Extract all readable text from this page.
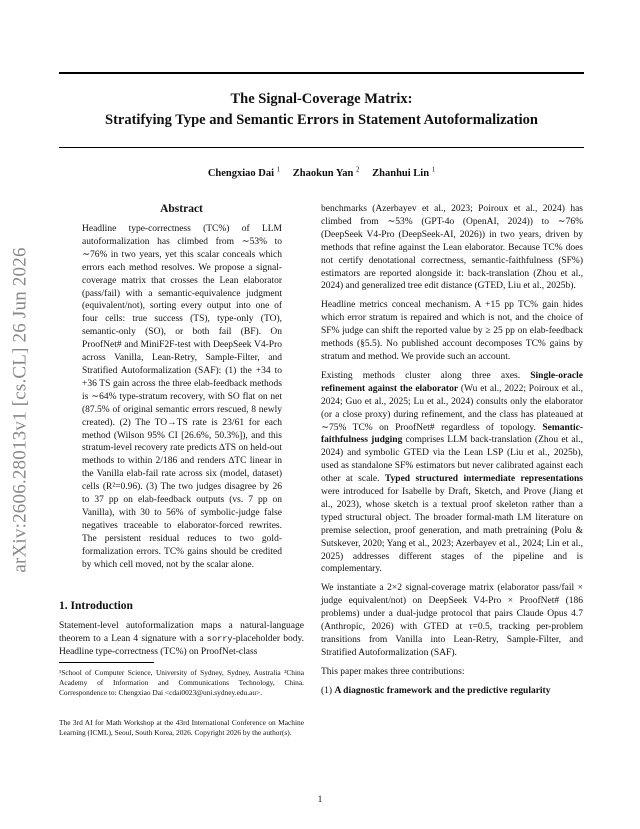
arXiv:2606.28013v1 [cs.CL] 26 Jun 2026
The Signal-Coverage Matrix:
Stratifying Type and Semantic Errors in Statement Autoformalization
Chengxiao Dai $^1$ Zhaokun Yan $^2$ Zhanhui Lin $^1$
Abstract

Headline type-correctness (TC%) of LLM autoformalization has climbed from ∼53% to ∼76% in two years, yet this scalar conceals which errors each method resolves. We propose a signal-coverage matrix that crosses the Lean elaborator (pass/fail) with a semantic-equivalence judgment (equivalent/not), sorting every output into one of four cells: true success (TS), type-only (TO), semantic-only (SO), or both fail (BF). On ProofNet# and MiniF2F-test with DeepSeek V4-Pro across Vanilla, Lean-Retry, Sample-Filter, and Stratified Autoformalization (SAF): (1) the +34 to +36 TS gain across the three elab-feedback methods is ∼64% type-stratum recovery, with SO flat on net (87.5% of original semantic errors rescued, 8 newly created). (2) The TO→TS rate is 23/61 for each method (Wilson 95% CI [26.6%, 50.3%]), and this stratum-level recovery rate predicts ∆TS on held-out methods to within 2/186 and renders ∆TC linear in the Vanilla elab-fail rate across six (model, dataset) cells (R²=0.96). (3) The two judges disagree by 26 to 37 pp on elab-feedback outputs (vs. 7 pp on Vanilla), with 30 to 56% of symbolic-judge false negatives traceable to elaborator-forced rewrites. The persistent residual reduces to two gold-formalization errors. TC% gains should be credited by which cell moved, not by the scalar alone.

1. Introduction

Statement-level autoformalization maps a natural-language theorem to a Lean 4 signature with a sorry-placeholder body. Headline type-correctness (TC%) on ProofNet-class

¹School of Computer Science, University of Sydney, Sydney, Australia ²China Academy of Information and Communications Technology, China. Correspondence to: Chengxiao Dai <cdai0023@uni.sydney.edu.au>.
The 3rd AI for Math Workshop at the 43rd International Conference on Machine Learning (ICML), Seoul, South Korea, 2026. Copyright 2026 by the author(s).

benchmarks (Azerbayev et al., 2023; Poiroux et al., 2024) has climbed from ∼53% (GPT-4o (OpenAI, 2024)) to ∼76% (DeepSeek V4-Pro (DeepSeek-AI, 2026)) in two years, driven by methods that refine against the Lean elaborator. Because TC% does not certify denotational correctness, semantic-faithfulness (SF%) estimators are reported alongside it: back-translation (Zhou et al., 2024) and generalized tree edit distance (GTED, Liu et al., 2025b).

Headline metrics conceal mechanism. A +15 pp TC% gain hides which error stratum is repaired and which is not, and the choice of SF% judge can shift the reported value by ≥ 25 pp on elab-feedback methods (§5.5). No published account decomposes TC% gains by stratum and method. We provide such an account.

Existing methods cluster along three axes. Single-oracle refinement against the elaborator (Wu et al., 2022; Poiroux et al., 2024; Guo et al., 2025; Lu et al., 2024) consults only the elaborator (or a close proxy) during refinement, and the class has plateaued at ∼75% TC% on ProofNet# regardless of topology. Semantic-faithfulness judging comprises LLM back-translation (Zhou et al., 2024) and symbolic GTED via the Lean LSP (Liu et al., 2025b), used as standalone SF% estimators but never calibrated against each other at scale. Typed structured intermediate representations were introduced for Isabelle by Draft, Sketch, and Prove (Jiang et al., 2023), whose sketch is a textual proof skeleton rather than a typed structural object. The broader formal-math LM literature on premise selection, proof generation, and math pretraining (Polu & Sutskever, 2020; Yang et al., 2023; Azerbayev et al., 2024; Lin et al., 2025) addresses different stages of the pipeline and is complementary.

We instantiate a 2×2 signal-coverage matrix (elaborator pass/fail × judge equivalent/not) on DeepSeek V4-Pro × ProofNet# (186 problems) under a dual-judge protocol that pairs Claude Opus 4.7 (Anthropic, 2026) with GTED at τ=0.5, tracking per-problem transitions from Vanilla into Lean-Retry, Sample-Filter, and Stratified Autoformalization (SAF).

This paper makes three contributions:

(1) A diagnostic framework and the predictive regularity

1
